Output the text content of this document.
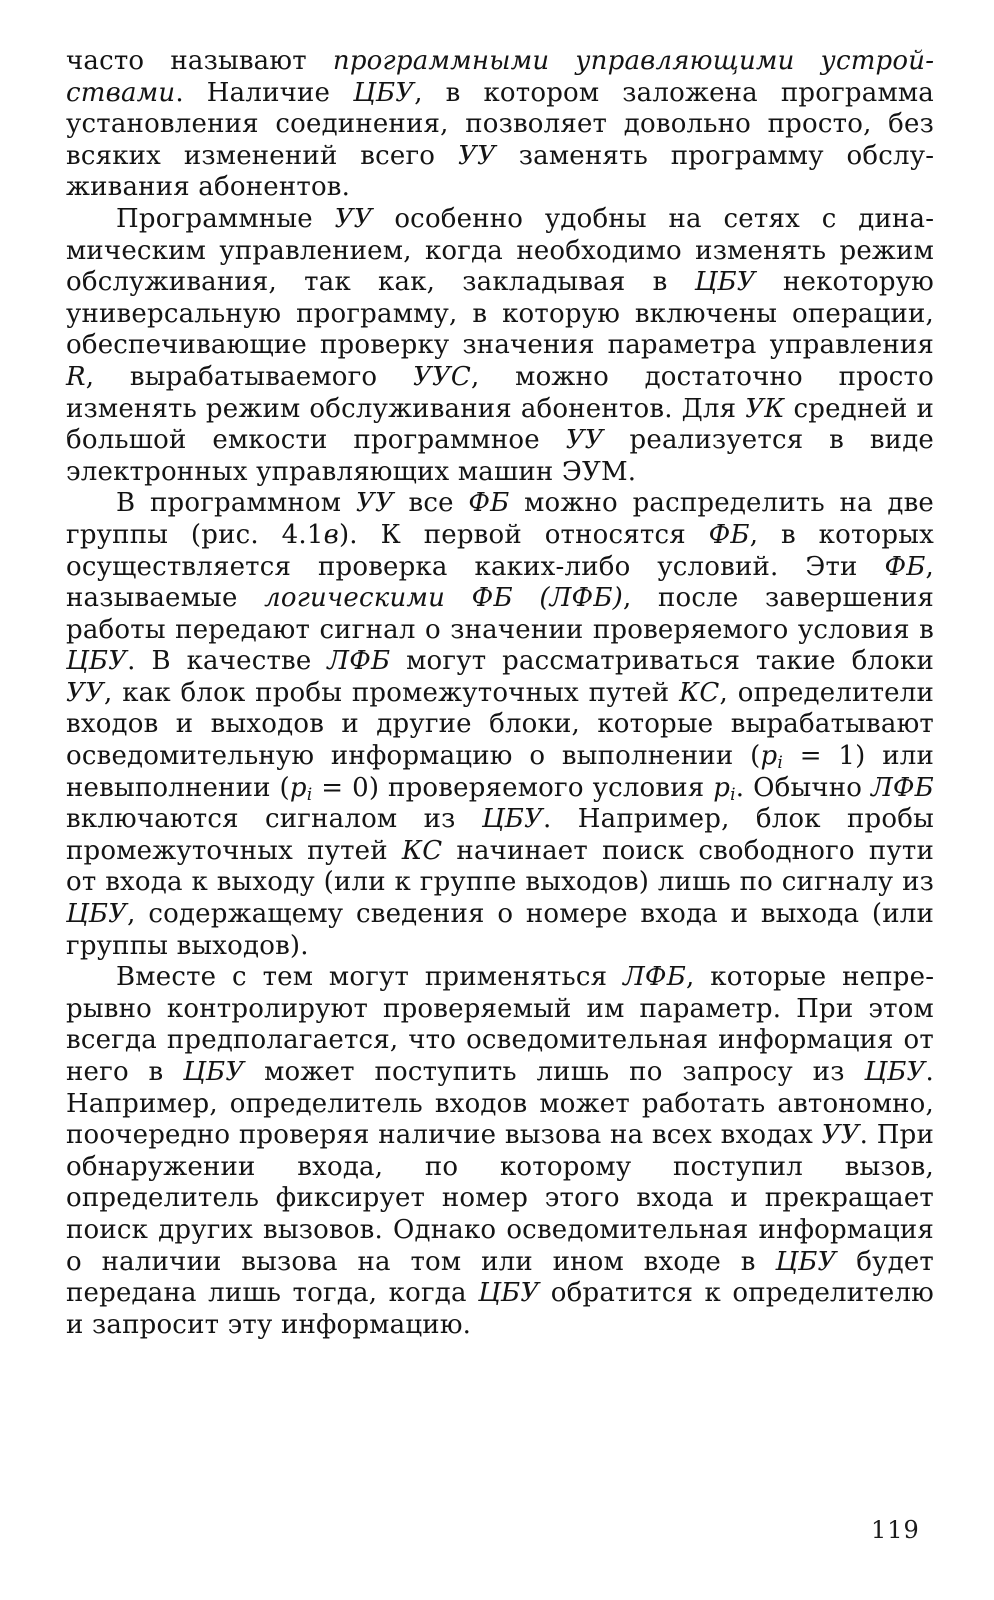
часто называют программными управляющими устройствами. Наличие ЦБУ, в котором заложена программа установления соединения, позволяет довольно просто, без всяких изменений всего УУ заменять программу обслуживания абонентов.

Программные УУ особенно удобны на сетях с динамическим управлением, когда необходимо изменять режим обслуживания, так как, закладывая в ЦБУ некоторую универсальную программу, в которую включены операции, обеспечивающие проверку значения параметра управления R, вырабатываемого УУС, можно достаточно просто изменять режим обслуживания абонентов. Для УК средней и большой емкости программное УУ реализуется в виде электронных управляющих машин ЭУМ.

В программном УУ все ФБ можно распределить на две группы (рис. 4.1в). К первой относятся ФБ, в которых осуществляется проверка каких-либо условий. Эти ФБ, называемые логическими ФБ (ЛФБ), после завершения работы передают сигнал о значении проверяемого условия в ЦБУ. В качестве ЛФБ могут рассматриваться такие блоки УУ, как блок пробы промежуточных путей КС, определители входов и выходов и другие блоки, которые вырабатывают осведомительную информацию о выполнении $(p_i = 1)$ или невыполнении $(p_i = 0)$ проверяемого условия $p_i$. Обычно ЛФБ включаются сигналом из ЦБУ. Например, блок пробы промежуточных путей КС начинает поиск свободного пути от входа к выходу (или к группе выходов) лишь по сигналу из ЦБУ, содержащему сведения о номере входа и выхода (или группы выходов).

Вместе с тем могут применяться ЛФБ, которые непрерывно контролируют проверяемый им параметр. При этом всегда предполагается, что осведомительная информация от него в ЦБУ может поступить лишь по запросу из ЦБУ. Например, определитель входов может работать автономно, поочередно проверяя наличие вызова на всех входах УУ. При обнаружении входа, по которому поступил вызов, определитель фиксирует номер этого входа и прекращает поиск других вызовов. Однако осведомительная информация о наличии вызова на том или ином входе в ЦБУ будет передана лишь тогда, когда ЦБУ обратится к определителю и запросит эту информацию.

119
